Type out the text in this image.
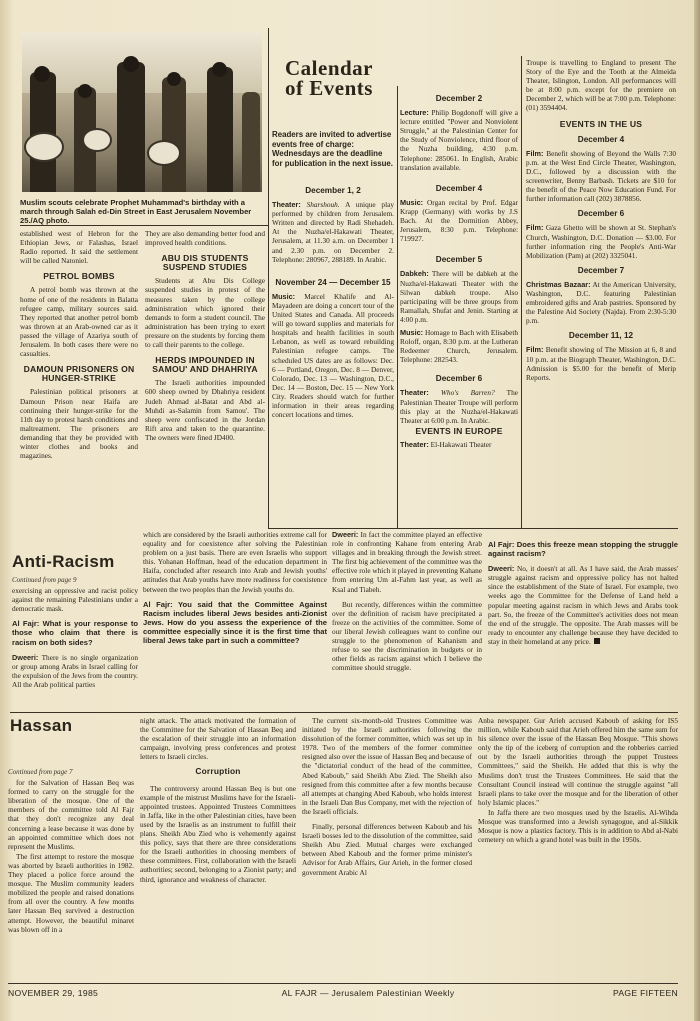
Muslim scouts celebrate Prophet Muhammad's birthday with a march through Salah ed-Din Street in East Jerusalem November 25./AQ photo.

established west of Hebron for the Ethiopian Jews, or Falashas, Israel Radio reported. It said the settlement will be called Natoniel.

PETROL BOMBS

A petrol bomb was thrown at the home of one of the residents in Balatta refugee camp, military sources said. They reported that another petrol bomb was thrown at an Arab-owned car as it passed the village of Azariya south of Jerusalem. In both cases there were no casualties.

DAMOUN PRISONERS ON HUNGER-STRIKE

Palestinian political prisoners at Damoun Prison near Haifa are continuing their hunger-strike for the 11th day to protest harsh conditions and maltreatment. The prisoners are demanding that they be provided with winter clothes and books and magazines.

They are also demanding better food and improved health conditions.

ABU DIS STUDENTS SUSPEND STUDIES

Students at Abu Dis College suspended studies in protest of the measures taken by the college administration which ignored their demands to form a student council. The administration has been trying to exert pressure on the students by forcing them to call their parents to the college.

HERDS IMPOUNDED IN SAMOU' AND DHAHRIYA

The Israeli authorities impounded 600 sheep owned by Dhahriya resident Judeh Ahmad al-Batat and Abd al-Muhdi as-Salamin from Samou'. The sheep were confiscated in the Jordan Rift area and taken to the quarantine. The owners were fined JD400.

Calendar
of Events
Readers are invited to advertise events free of charge: Wednesdays are the deadline for publication in the next issue.
December 1, 2

Theater: Sharshouh. A unique play performed by children from Jerusalem. Written and directed by Radi Shehadeh. At the Nuzha/el-Hakawati Theater, Jerusalem, at 11.30 a.m. on December 1 and 2.30 p.m. on December 2. Telephone: 280967, 288189. In Arabic.

November 24 — December 15

Music: Marcel Khalife and Al-Mayadeen are doing a concert tour of the United States and Canada. All proceeds will go toward supplies and materials for hospitals and health facilities in south Lebanon, as well as toward rebuilding Palestinian refugee camps. The scheduled US dates are as follows: Dec. 6 — Portland, Oregon, Dec. 8 — Denver, Colorado, Dec. 13 — Washington, D.C., Dec. 14 — Boston, Dec. 15 — New York City. Readers should watch for further information in their areas regarding concert locations and times.

December 2

Lecture: Philip Bogdonoff will give a lecture entitled "Power and Nonviolent Struggle," at the Palestinian Center for the Study of Nonviolence, third floor of the Nuzha building, 4:30 p.m. Telephone: 285061. In English, Arabic translation available.

December 4

Music: Organ recital by Prof. Edgar Krapp (Germany) with works by J.S Bach. At the Dormition Abbey, Jerusalem, 8:30 p.m. Telephone: 719927.

December 5

Dabkeh: There will be dabkeh at the Nuzha/el-Hakawati Theater with the Silwan dabkeh troupe. Also participating will be three groups from Ramallah, Shufat and Jenin. Starting at 4:00 p.m.

Music: Homage to Bach with Elisabeth Roloff, organ, 8:30 p.m. at the Lutheran Redeemer Church, Jerusalem. Telephone: 282543.

December 6

Theater: Who's Barren? The Palestinian Theater Troupe will perform this play at the Nuzha/el-Hakawati Theater at 6:00 p.m. In Arabic.

EVENTS IN EUROPE

Theater: El-Hakawati Theater

Troupe is travelling to England to present The Story of the Eye and the Tooth at the Almeida Theater, Islington, London. All performances will be at 8:00 p.m. except for the premiere on December 2, which will be at 7:00 p.m. Telephone: (01) 3594404.

EVENTS IN THE US
December 4

Film: Benefit showing of Beyond the Walls 7:30 p.m. at the West End Circle Theater, Washington, D.C., followed by a discussion with the screenwriter, Benny Barbash. Tickets are $10 for the benefit of the Peace Now Education Fund. For further information call (202) 3878856.

December 6

Film: Gaza Ghetto will be shown at St. Stephan's Church, Washington, D.C. Donation — $3.00. For further information ring the People's Anti-War Mobilization (Pam) at (202) 3325041.

December 7

Christmas Bazaar: At the American University, Washington, D.C. featuring Palestinian embroidered gifts and Arab pastries. Sponsored by the Palestine Aid Society (Najda). From 2:30-5:30 p.m.

December 11, 12

Film: Benefit showing of The Mission at 6, 8 and 10 p.m. at the Biograph Theater, Washington, D.C. Admission is $5.00 for the benefit of Merip Reports.

Anti-Racism

Continued from page 9

exercising an oppressive and racist policy against the remaining Palestinians under a democratic mask.

Al Fajr: What is your response to those who claim that there is racism on both sides?

Dweeri: There is no single organization or group among Arabs in Israel calling for the expulsion of the Jews from the country. All the Arab political parties

which are considered by the Israeli authorities extreme call for equality and for coexistence after solving the Palestinian problem on a just basis. There are even Israelis who support this. Yohanan Hoffman, head of the education department in Haifa, concluded after research into Arab and Jewish youths' attitudes that Arab youths have more readiness for coexistence between the two peoples than the Jewish youths do.

Al Fajr: You said that the Committee Against Racism includes liberal Jews besides anti-Zionist Jews. How do you assess the experience of the committee especially since it is the first time that liberal Jews take part in such a committee?

Dweeri: In fact the committee played an effective role in confronting Kahane from entering Arab villages and in breaking through the Jewish street. The first big achievement of the committee was the effective role which it played in preventing Kahane from entering Um al-Fahm last year, as well as Ksal and Tiabeh.

But recently, differences within the committee over the definition of racism have precipitated a freeze on the activities of the committee. Some of our liberal Jewish colleagues want to confine our struggle to the phenomenon of Kahanism and refuse to see the discrimination in budgets or in other fields as racism against which I believe the committee should struggle.

Al Fajr: Does this freeze mean stopping the struggle against racism?

Dweeri: No, it doesn't at all. As I have said, the Arab masses' struggle against racism and oppressive policy has not halted since the establishment of the State of Israel. For example, two weeks ago the Committee for the Defense of Land held a popular meeting against racism in which Jews and Arabs took part. So, the freeze of the Committee's activities does not mean the end of the struggle. The opposite. The Arab masses will be ready to encounter any challenge because they have decided to stay in their homeland at any price.

Hassan

Continued from page 7

for the Salvation of Hassan Beq was formed to carry on the struggle for the liberation of the mosque. One of the members of the committee told Al Fajr that they don't recognize any deal concerning a lease because it was done by an appointed committee which does not represent the Muslims.

The first attempt to restore the mosque was aborted by Israeli authorities in 1982. They placed a police force around the mosque. The Muslim community leaders mobilized the people and raised donations from all over the country. A few months later Hassan Beq survived a destruction attempt. However, the beautiful minaret was blown off in a

night attack. The attack motivated the formation of the Committee for the Salvation of Hassan Beq and the escalation of their struggle into an information campaign, involving press conferences and protest letters to Israeli circles.

Corruption

The controversy around Hassan Beq is but one example of the mistrust Muslims have for the Israeli-appointed trustees. Appointed Trustees Committees in Jaffa, like in the other Palestinian cities, have been used by the Israelis as an instrument to fulfill their plans. Sheikh Abu Zied who is vehemently against this policy, says that there are three considerations for the Israeli authorities in choosing members of these committees. First, collaboration with the Israeli authorities; second, belonging to a Zionist party; and third, ignorance and weakness of character.

The current six-month-old Trustees Committee was initiated by the Israeli authorities following the dissolution of the former committee, which was set up in 1978. Two of the members of the former committee resigned also over the issue of Hassan Beq and because of the "dictatorial conduct of the head of the committee, Abed Kaboub," said Sheikh Abu Zied. The Sheikh also resigned from this committee after a few months because all attempts at changing Abed Kaboub, who holds interest in the Israeli Dan Bus Company, met with the rejection of the Israeli officials.

Finally, personal differences between Kaboub and his Israeli bosses led to the dissolution of the committee, said Sheikh Abu Zied. Mutual charges were exchanged between Abed Kaboub and the former prime minister's Advisor for Arab Affairs, Gur Arieh, in the former closed government Arabic Al

Anba newspaper. Gur Arieh accused Kaboub of asking for IS5 million, while Kaboub said that Arieh offered him the same sum for his silence over the issue of the Hassan Beq Mosque. "This shows only the tip of the iceberg of corruption and the robberies carried out by the Israeli authorities through the puppet Trustees Committees," said the Sheikh. He added that this is why the Muslims don't trust the Trustees Committees. He said that the Consultant Council instead will continue the struggle against "all Israeli plans to take over the mosque and for the liberation of other holy Islamic places."

In Jaffa there are two mosques used by the Israelis. Al-Wihda Mosque was transformed into a Jewish synagogue, and al-Sikkik Mosque is now a plastics factory. This is in addition to Abd al-Nabi cemetery on which a grand hotel was built in the 1950s.

NOVEMBER 29, 1985	AL FAJR — Jerusalem Palestinian Weekly	PAGE FIFTEEN
